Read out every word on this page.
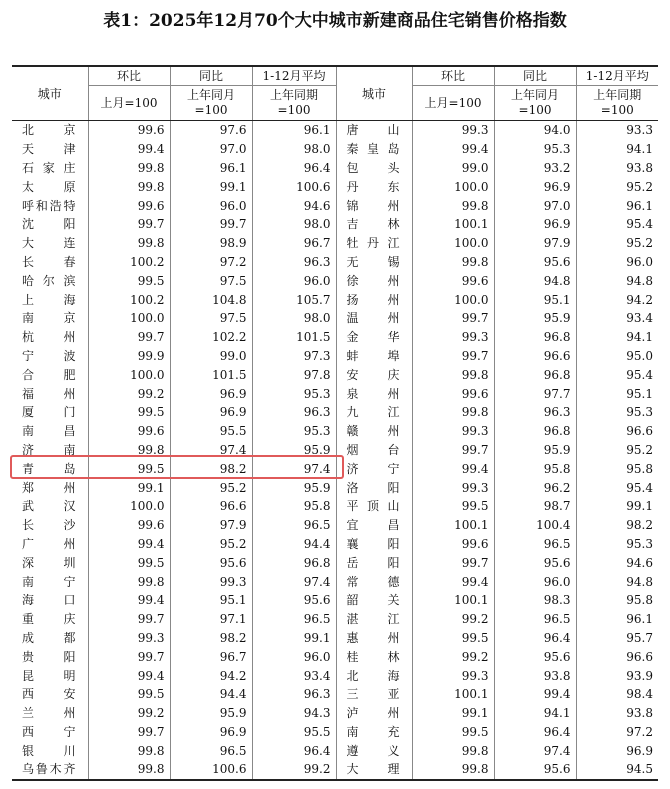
表1：2025年12月70个大中城市新建商品住宅销售价格指数
城市	环比	同比	1-12月平均	城市	环比	同比	1-12月平均
	上月=100	上年同月=100	上年同期=100		上月=100	上年同月=100	上年同期=100

北京	99.6	97.6	96.1	唐山	99.3	94.0	93.3
天津	99.4	97.0	98.0	秦皇岛	99.4	95.3	94.1
石家庄	99.8	96.1	96.4	包头	99.0	93.2	93.8
太原	99.8	99.1	100.6	丹东	100.0	96.9	95.2
呼和浩特	99.6	96.0	94.6	锦州	99.8	97.0	96.1
沈阳	99.7	99.7	98.0	吉林	100.1	96.9	95.4
大连	99.8	98.9	96.7	牡丹江	100.0	97.9	95.2
长春	100.2	97.2	96.3	无锡	99.8	95.6	96.0
哈尔滨	99.5	97.5	96.0	徐州	99.6	94.8	94.8
上海	100.2	104.8	105.7	扬州	100.0	95.1	94.2
南京	100.0	97.5	98.0	温州	99.7	95.9	93.4
杭州	99.7	102.2	101.5	金华	99.3	96.8	94.1
宁波	99.9	99.0	97.3	蚌埠	99.7	96.6	95.0
合肥	100.0	101.5	97.8	安庆	99.8	96.8	95.4
福州	99.2	96.9	95.3	泉州	99.6	97.7	95.1
厦门	99.5	96.9	96.3	九江	99.8	96.3	95.3
南昌	99.6	95.5	95.3	赣州	99.3	96.8	96.6
济南	99.8	97.4	95.9	烟台	99.7	95.9	95.2
青岛	99.5	98.2	97.4	济宁	99.4	95.8	95.8
郑州	99.1	95.2	95.9	洛阳	99.3	96.2	95.4
武汉	100.0	96.6	95.8	平顶山	99.5	98.7	99.1
长沙	99.6	97.9	96.5	宜昌	100.1	100.4	98.2
广州	99.4	95.2	94.4	襄阳	99.6	96.5	95.3
深圳	99.5	95.6	96.8	岳阳	99.7	95.6	94.6
南宁	99.8	99.3	97.4	常德	99.4	96.0	94.8
海口	99.4	95.1	95.6	韶关	100.1	98.3	95.8
重庆	99.7	97.1	96.5	湛江	99.2	96.5	96.1
成都	99.3	98.2	99.1	惠州	99.5	96.4	95.7
贵阳	99.7	96.7	96.0	桂林	99.2	95.6	96.6
昆明	99.4	94.2	93.4	北海	99.3	93.8	93.9
西安	99.5	94.4	96.3	三亚	100.1	99.4	98.4
兰州	99.2	95.9	94.3	泸州	99.1	94.1	93.8
西宁	99.7	96.9	95.5	南充	99.5	96.4	97.2
银川	99.8	96.5	96.4	遵义	99.8	97.4	96.9
乌鲁木齐	99.8	100.6	99.2	大理	99.8	95.6	94.5
